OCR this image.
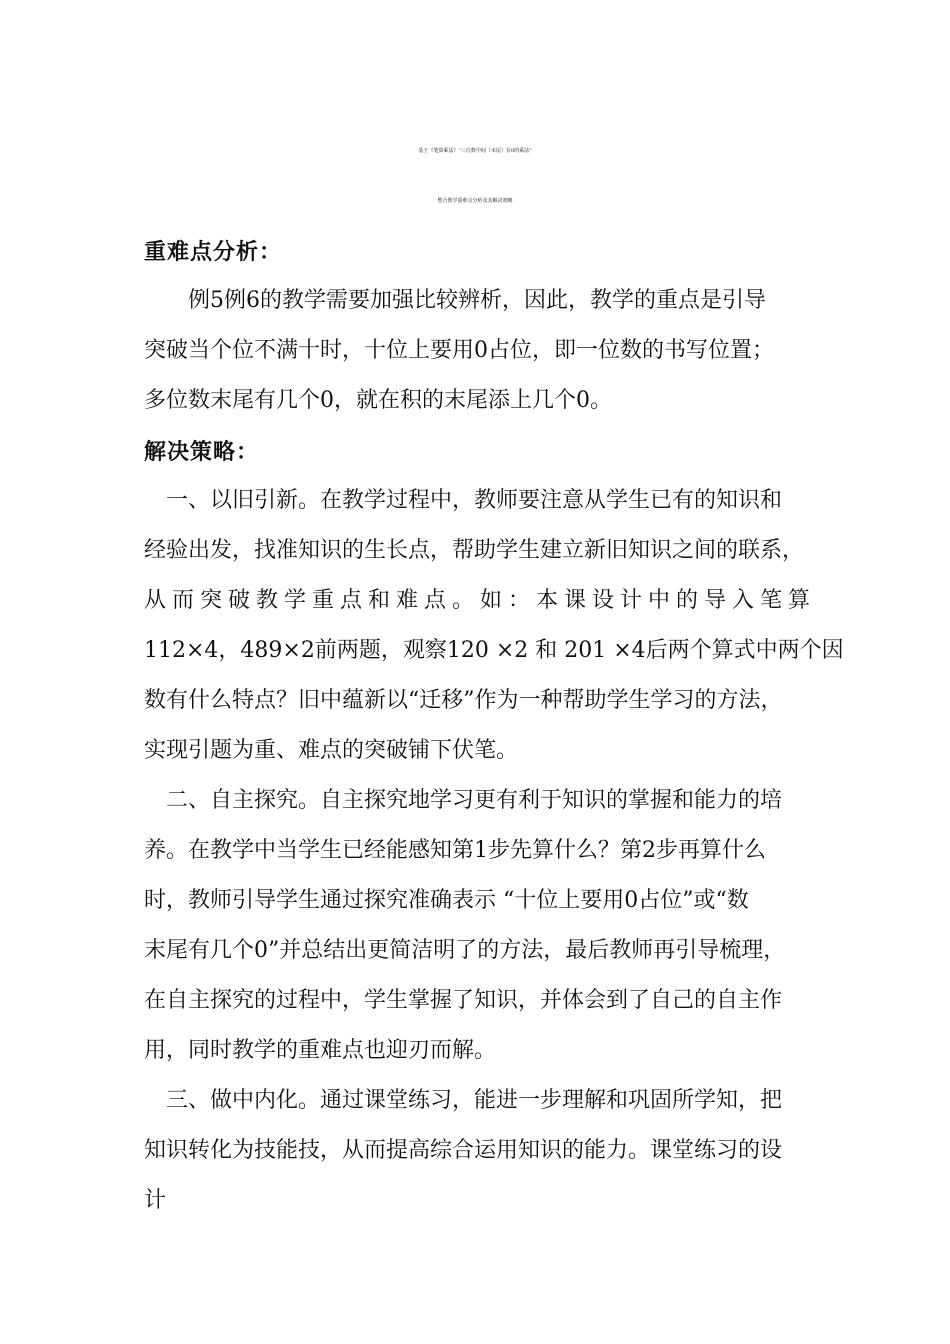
基于《笔算乘法》“三位数中间（末尾）有0的乘法”
整合教学重难点分析及其解决策略
重难点分析：
例5例6的教学需要加强比较辨析，因此，教学的重点是引导
突破当个位不满十时，十位上要用0占位，即一位数的书写位置；
多位数末尾有几个0，就在积的末尾添上几个0。
解决策略：
一、以旧引新。在教学过程中，教师要注意从学生已有的知识和
经验出发，找准知识的生长点，帮助学生建立新旧知识之间的联系，
从而突破教学重点和难点。如：本课设计中的导入笔算
112×4，489×2前两题，观察120 ×2 和 201 ×4后两个算式中两个因
数有什么特点？旧中蕴新以“迁移”作为一种帮助学生学习的方法，
实现引题为重、难点的突破铺下伏笔。
二、自主探究。自主探究地学习更有利于知识的掌握和能力的培
养。在教学中当学生已经能感知第1步先算什么？第2步再算什么
时，教师引导学生通过探究准确表示 “十位上要用0占位”或“数
末尾有几个0”并总结出更简洁明了的方法，最后教师再引导梳理，
在自主探究的过程中，学生掌握了知识，并体会到了自己的自主作
用，同时教学的重难点也迎刃而解。
三、做中内化。通过课堂练习，能进一步理解和巩固所学知，把
知识转化为技能技，从而提高综合运用知识的能力。课堂练习的设
计
